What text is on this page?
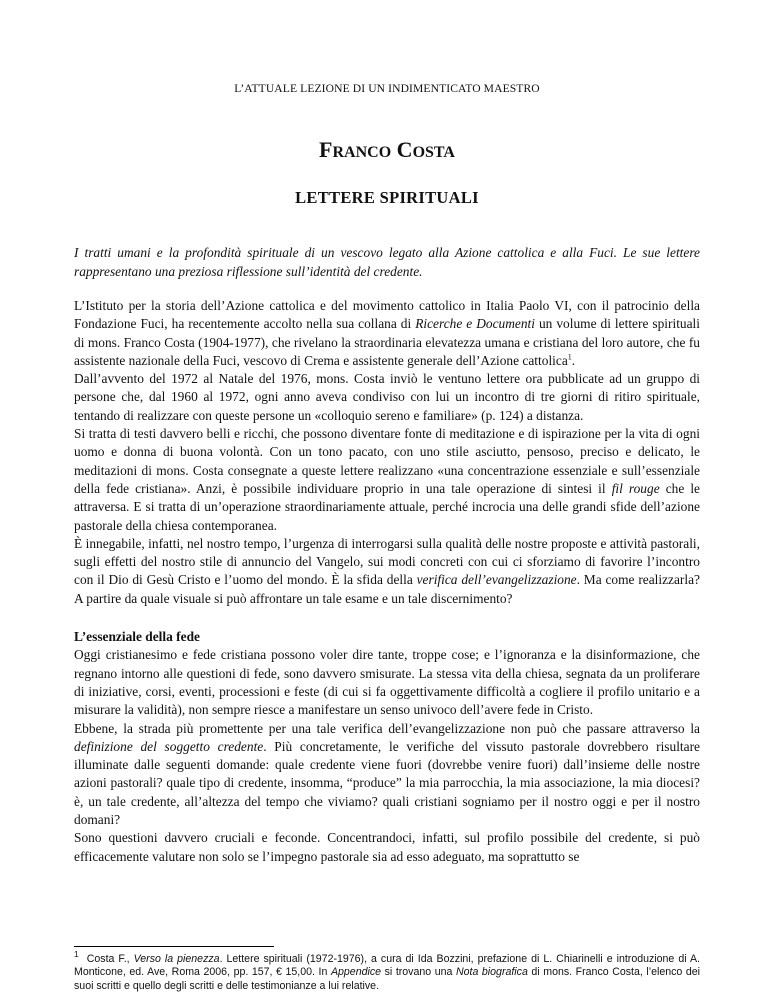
L’ATTUALE LEZIONE DI UN INDIMENTICATO MAESTRO

FRANCO COSTA

LETTERE SPIRITUALI

I tratti umani e la profondità spirituale di un vescovo legato alla Azione cattolica e alla Fuci. Le sue lettere rappresentano una preziosa riflessione sull’identità del credente.

L’Istituto per la storia dell’Azione cattolica e del movimento cattolico in Italia Paolo VI, con il patrocinio della Fondazione Fuci, ha recentemente accolto nella sua collana di Ricerche e Documenti un volume di lettere spirituali di mons. Franco Costa (1904-1977), che rivelano la straordinaria elevatezza umana e cristiana del loro autore, che fu assistente nazionale della Fuci, vescovo di Crema e assistente generale dell’Azione cattolica$^1$.

Dall’avvento del 1972 al Natale del 1976, mons. Costa inviò le ventuno lettere ora pubblicate ad un gruppo di persone che, dal 1960 al 1972, ogni anno aveva condiviso con lui un incontro di tre giorni di ritiro spirituale, tentando di realizzare con queste persone un «colloquio sereno e familiare» (p. 124) a distanza.

Si tratta di testi davvero belli e ricchi, che possono diventare fonte di meditazione e di ispirazione per la vita di ogni uomo e donna di buona volontà. Con un tono pacato, con uno stile asciutto, pensoso, preciso e delicato, le meditazioni di mons. Costa consegnate a queste lettere realizzano «una concentrazione essenziale e sull’essenziale della fede cristiana». Anzi, è possibile individuare proprio in una tale operazione di sintesi il fil rouge che le attraversa. E si tratta di un’operazione straordinariamente attuale, perché incrocia una delle grandi sfide dell’azione pastorale della chiesa contemporanea.

È innegabile, infatti, nel nostro tempo, l’urgenza di interrogarsi sulla qualità delle nostre proposte e attività pastorali, sugli effetti del nostro stile di annuncio del Vangelo, sui modi concreti con cui ci sforziamo di favorire l’incontro con il Dio di Gesù Cristo e l’uomo del mondo. È la sfida della verifica dell’evangelizzazione. Ma come realizzarla? A partire da quale visuale si può affrontare un tale esame e un tale discernimento?

L’essenziale della fede

Oggi cristianesimo e fede cristiana possono voler dire tante, troppe cose; e l’ignoranza e la disinformazione, che regnano intorno alle questioni di fede, sono davvero smisurate. La stessa vita della chiesa, segnata da un proliferare di iniziative, corsi, eventi, processioni e feste (di cui si fa oggettivamente difficoltà a cogliere il profilo unitario e a misurare la validità), non sempre riesce a manifestare un senso univoco dell’avere fede in Cristo.

Ebbene, la strada più promettente per una tale verifica dell’evangelizzazione non può che passare attraverso la definizione del soggetto credente. Più concretamente, le verifiche del vissuto pastorale dovrebbero risultare illuminate dalle seguenti domande: quale credente viene fuori (dovrebbe venire fuori) dall’insieme delle nostre azioni pastorali? quale tipo di credente, insomma, “produce” la mia parrocchia, la mia associazione, la mia diocesi? è, un tale credente, all’altezza del tempo che viviamo? quali cristiani sogniamo per il nostro oggi e per il nostro domani?

Sono questioni davvero cruciali e feconde. Concentrandoci, infatti, sul profilo possibile del credente, si può efficacemente valutare non solo se l’impegno pastorale sia ad esso adeguato, ma soprattutto se

$^1$ Costa F., Verso la pienezza. Lettere spirituali (1972-1976), a cura di Ida Bozzini, prefazione di L. Chiarinelli e introduzione di A. Monticone, ed. Ave, Roma 2006, pp. 157, € 15,00. In Appendice si trovano una Nota biografica di mons. Franco Costa, l’elenco dei suoi scritti e quello degli scritti e delle testimonianze a lui relative.
